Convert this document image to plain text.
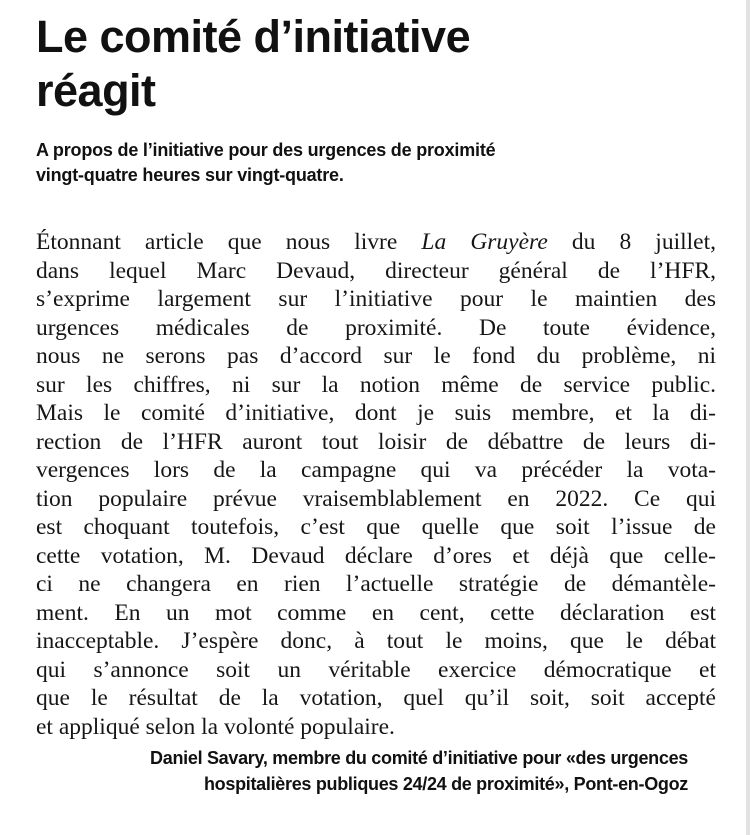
Le comité d’initiative
réagit
A propos de l’initiative pour des urgences de proximité
vingt-quatre heures sur vingt-quatre.
Étonnant article que nous livre La Gruyère du 8 juillet,
dans lequel Marc Devaud, directeur général de l’HFR,
s’exprime largement sur l’initiative pour le maintien des
urgences médicales de proximité. De toute évidence,
nous ne serons pas d’accord sur le fond du problème, ni
sur les chiffres, ni sur la notion même de service public.
Mais le comité d’initiative, dont je suis membre, et la di-
rection de l’HFR auront tout loisir de débattre de leurs di-
vergences lors de la campagne qui va précéder la vota-
tion populaire prévue vraisemblablement en 2022. Ce qui
est choquant toutefois, c’est que quelle que soit l’issue de
cette votation, M. Devaud déclare d’ores et déjà que celle-
ci ne changera en rien l’actuelle stratégie de démantèle-
ment. En un mot comme en cent, cette déclaration est
inacceptable. J’espère donc, à tout le moins, que le débat
qui s’annonce soit un véritable exercice démocratique et
que le résultat de la votation, quel qu’il soit, soit accepté
et appliqué selon la volonté populaire.
Daniel Savary, membre du comité d’initiative pour «des urgences
hospitalières publiques 24/24 de proximité», Pont-en-Ogoz
